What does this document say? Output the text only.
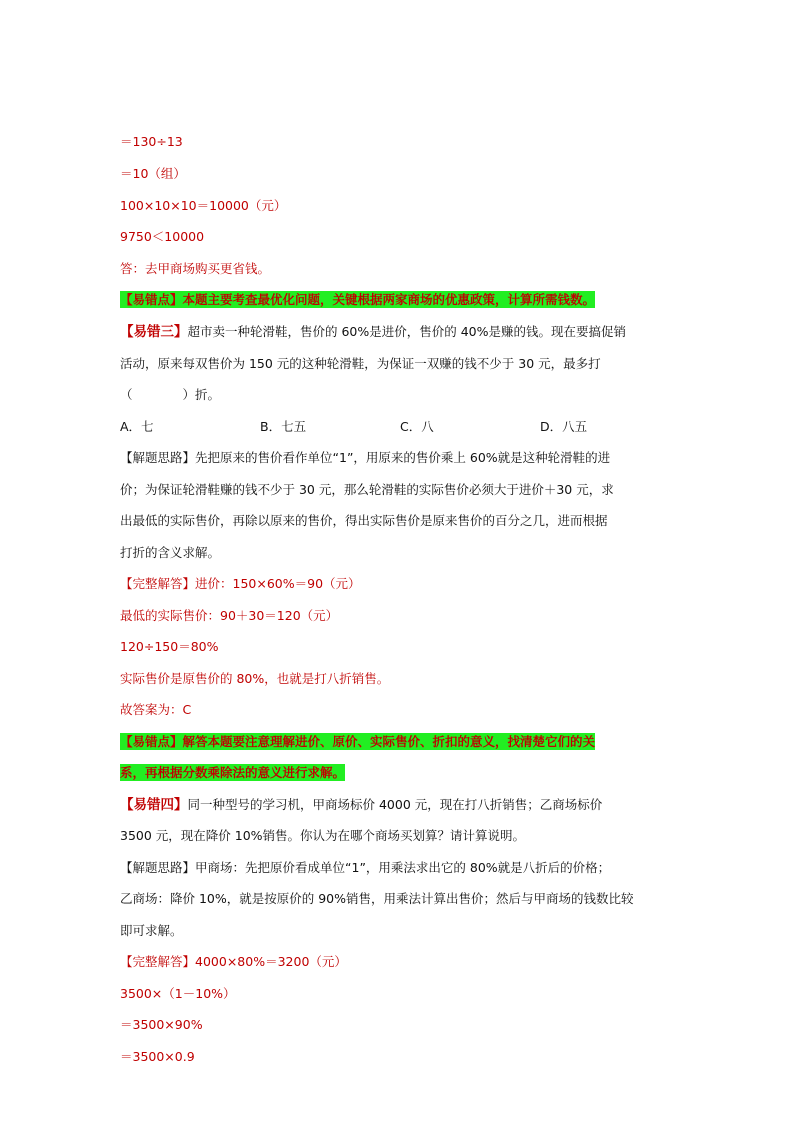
＝130÷13
＝10（组）
100×10×10＝10000（元）
9750＜10000
答：去甲商场购买更省钱。
【易错点】本题主要考查最优化问题，关键根据两家商场的优惠政策，计算所需钱数。
【易错三】超市卖一种轮滑鞋，售价的 60%是进价，售价的 40%是赚的钱。现在要搞促销
活动，原来每双售价为 150 元的这种轮滑鞋，为保证一双赚的钱不少于 30 元，最多打
（　　　　）折。
A．七	B．七五	C．八	D．八五
【解题思路】先把原来的售价看作单位“1”，用原来的售价乘上 60%就是这种轮滑鞋的进
价；为保证轮滑鞋赚的钱不少于 30 元，那么轮滑鞋的实际售价必须大于进价＋30 元，求
出最低的实际售价，再除以原来的售价，得出实际售价是原来售价的百分之几，进而根据
打折的含义求解。
【完整解答】进价：150×60%＝90（元）
最低的实际售价：90＋30＝120（元）
120÷150＝80%
实际售价是原售价的 80%，也就是打八折销售。
故答案为：C
【易错点】解答本题要注意理解进价、原价、实际售价、折扣的意义，找清楚它们的关
系，再根据分数乘除法的意义进行求解。
【易错四】同一种型号的学习机，甲商场标价 4000 元，现在打八折销售；乙商场标价
3500 元，现在降价 10%销售。你认为在哪个商场买划算？请计算说明。
【解题思路】甲商场：先把原价看成单位“1”，用乘法求出它的 80%就是八折后的价格；
乙商场：降价 10%，就是按原价的 90%销售，用乘法计算出售价；然后与甲商场的钱数比较
即可求解。
【完整解答】4000×80%＝3200（元）
3500×（1－10%）
＝3500×90%
＝3500×0.9
